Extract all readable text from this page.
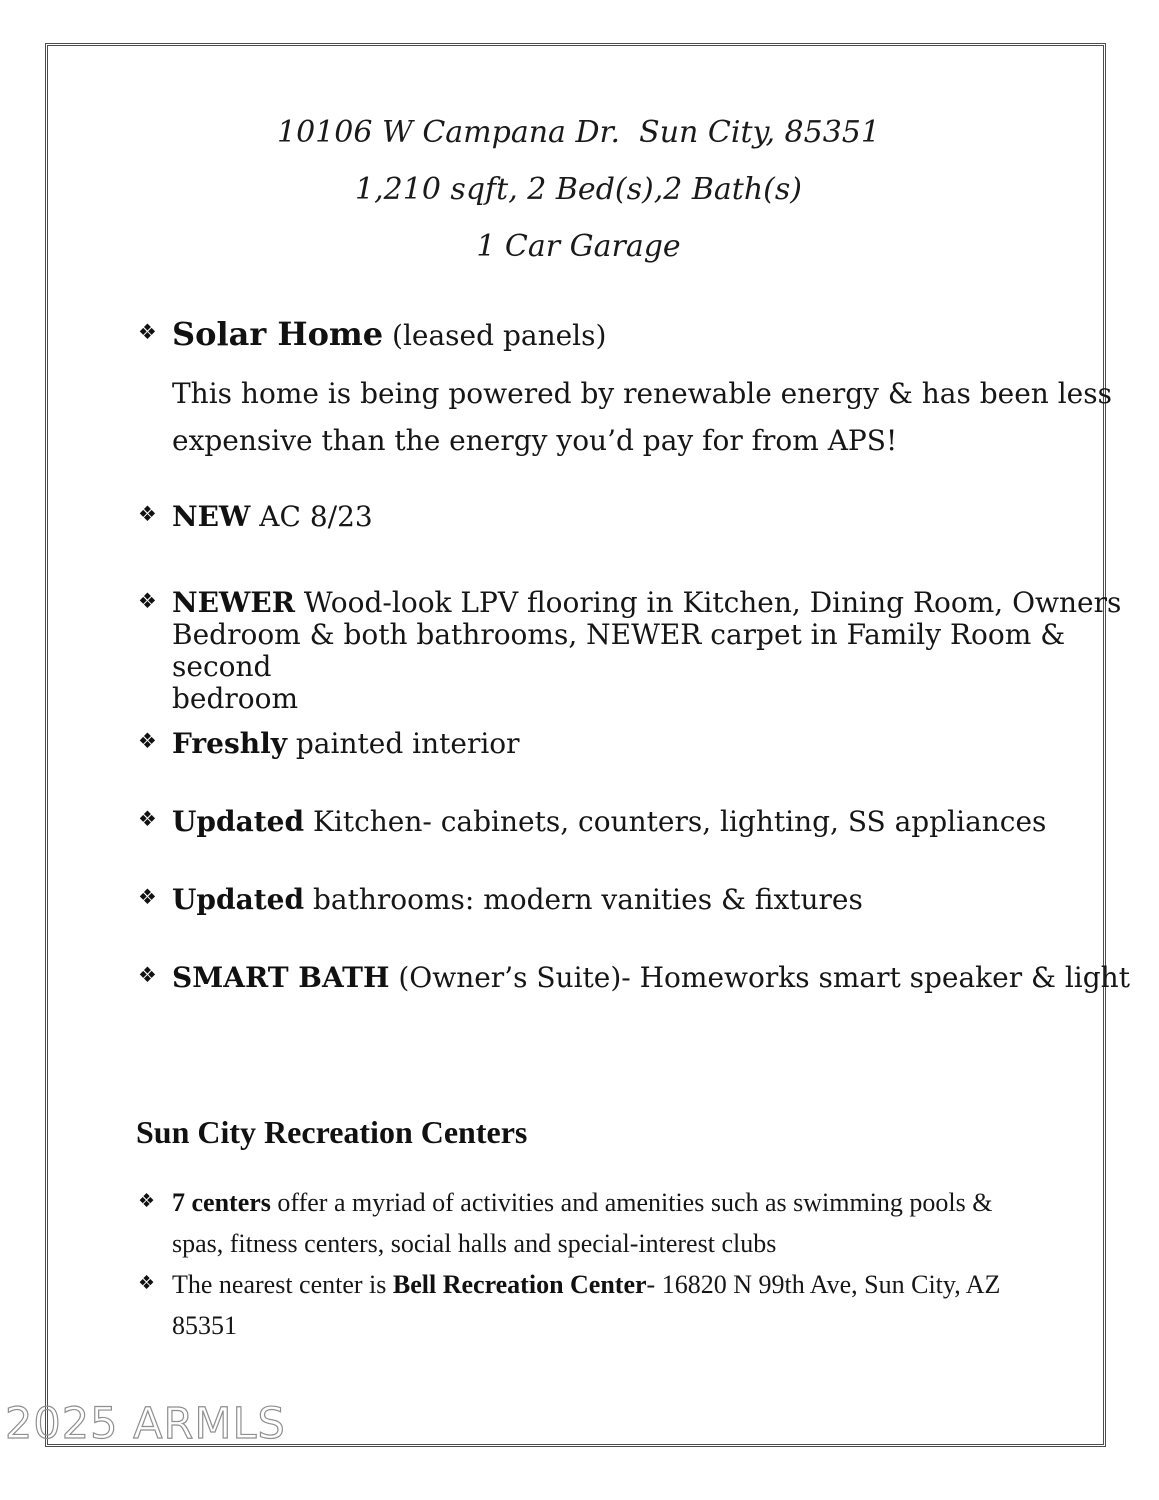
10106 W Campana Dr.  Sun City, 85351
1,210 sqft, 2 Bed(s),2 Bath(s)
1 Car Garage
❖ Solar Home (leased panels)
This home is being powered by renewable energy & has been less
expensive than the energy you’d pay for from APS!
❖ NEW AC 8/23
❖ NEWER Wood-look LPV flooring in Kitchen, Dining Room, Owners
Bedroom & both bathrooms, NEWER carpet in Family Room & second
bedroom
❖ Freshly painted interior
❖ Updated Kitchen- cabinets, counters, lighting, SS appliances
❖ Updated bathrooms: modern vanities & fixtures
❖ SMART BATH (Owner’s Suite)- Homeworks smart speaker & light
Sun City Recreation Centers
❖ 7 centers offer a myriad of activities and amenities such as swimming pools &
spas, fitness centers, social halls and special-interest clubs
❖ The nearest center is Bell Recreation Center- 16820 N 99th Ave, Sun City, AZ
85351
2025 ARMLS
